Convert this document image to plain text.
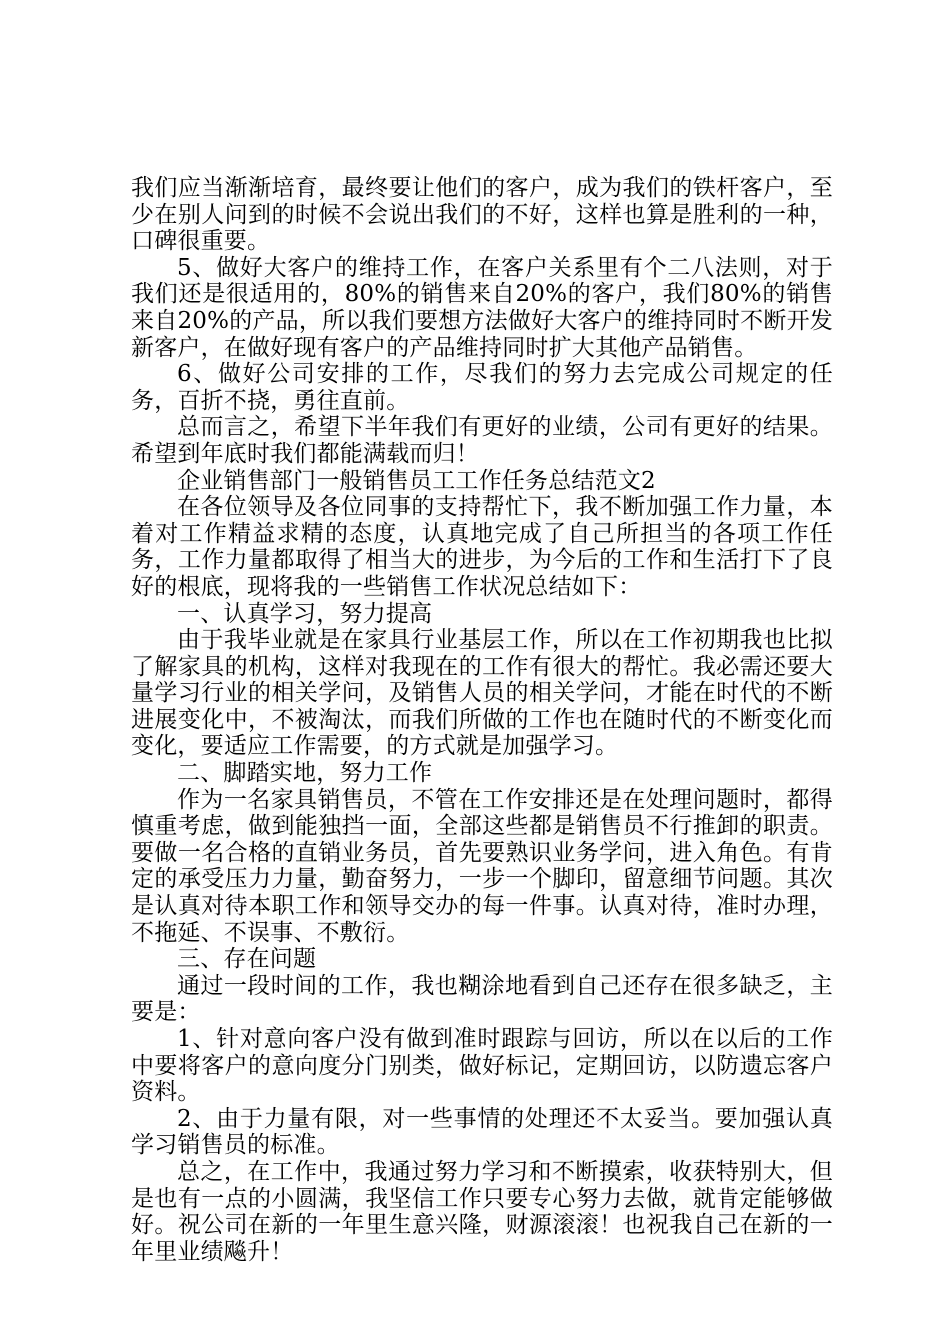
我们应当渐渐培育，最终要让他们的客户，成为我们的铁杆客户，至少在别人问到的时候不会说出我们的不好，这样也算是胜利的一种，口碑很重要。

5、做好大客户的维持工作，在客户关系里有个二八法则，对于我们还是很适用的，80%的销售来自20%的客户，我们80%的销售来自20%的产品，所以我们要想方法做好大客户的维持同时不断开发新客户，在做好现有客户的产品维持同时扩大其他产品销售。

6、做好公司安排的工作，尽我们的努力去完成公司规定的任务，百折不挠，勇往直前。

总而言之，希望下半年我们有更好的业绩，公司有更好的结果。希望到年底时我们都能满载而归！

企业销售部门一般销售员工工作任务总结范文2

在各位领导及各位同事的支持帮忙下，我不断加强工作力量，本着对工作精益求精的态度，认真地完成了自己所担当的各项工作任务，工作力量都取得了相当大的进步，为今后的工作和生活打下了良好的根底，现将我的一些销售工作状况总结如下：

一、认真学习，努力提高

由于我毕业就是在家具行业基层工作，所以在工作初期我也比拟了解家具的机构，这样对我现在的工作有很大的帮忙。我必需还要大量学习行业的相关学问，及销售人员的相关学问，才能在时代的不断进展变化中，不被淘汰，而我们所做的工作也在随时代的不断变化而变化，要适应工作需要，的方式就是加强学习。

二、脚踏实地，努力工作

作为一名家具销售员，不管在工作安排还是在处理问题时，都得慎重考虑，做到能独挡一面，全部这些都是销售员不行推卸的职责。要做一名合格的直销业务员，首先要熟识业务学问，进入角色。有肯定的承受压力力量，勤奋努力，一步一个脚印，留意细节问题。其次是认真对待本职工作和领导交办的每一件事。认真对待，准时办理，不拖延、不误事、不敷衍。

三、存在问题

通过一段时间的工作，我也糊涂地看到自己还存在很多缺乏，主要是：

1、针对意向客户没有做到准时跟踪与回访，所以在以后的工作中要将客户的意向度分门别类，做好标记，定期回访，以防遗忘客户资料。

2、由于力量有限，对一些事情的处理还不太妥当。要加强认真学习销售员的标准。

总之，在工作中，我通过努力学习和不断摸索，收获特别大，但是也有一点的小圆满，我坚信工作只要专心努力去做，就肯定能够做好。祝公司在新的一年里生意兴隆，财源滚滚！也祝我自己在新的一年里业绩飚升！
